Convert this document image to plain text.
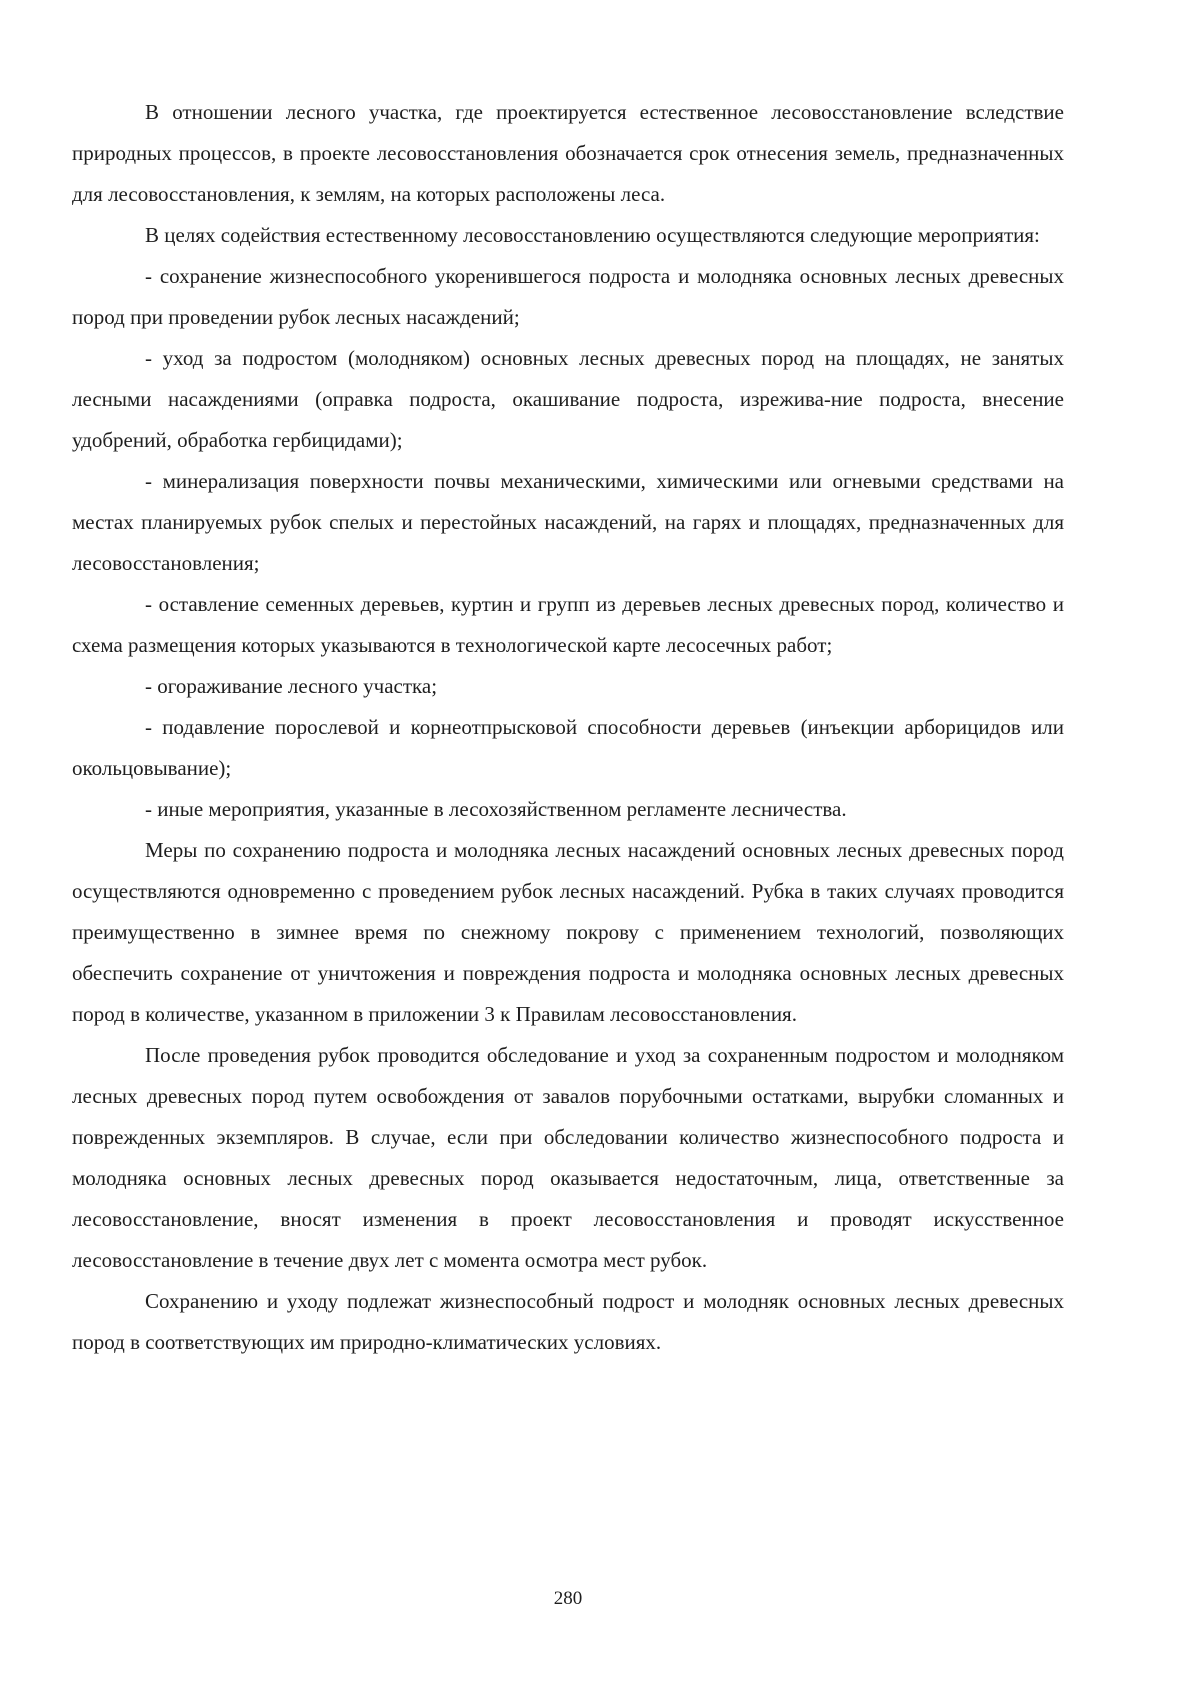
В отношении лесного участка, где проектируется естественное лесовосстановление вследствие природных процессов, в проекте лесовосстановления обозначается срок отнесения земель, предназначенных для лесовосстановления, к землям, на которых расположены леса.

В целях содействия естественному лесовосстановлению осуществляются следующие мероприятия:

- сохранение жизнеспособного укоренившегося подроста и молодняка основных лесных древесных пород при проведении рубок лесных насаждений;

- уход за подростом (молодняком) основных лесных древесных пород на площадях, не занятых лесными насаждениями (оправка подроста, окашивание подроста, изрежива-ние подроста, внесение удобрений, обработка гербицидами);

- минерализация поверхности почвы механическими, химическими или огневыми средствами на местах планируемых рубок спелых и перестойных насаждений, на гарях и площадях, предназначенных для лесовосстановления;

- оставление семенных деревьев, куртин и групп из деревьев лесных древесных пород, количество и схема размещения которых указываются в технологической карте лесосечных работ;

- огораживание лесного участка;

- подавление порослевой и корнеотпрысковой способности деревьев (инъекции арборицидов или окольцовывание);

- иные мероприятия, указанные в лесохозяйственном регламенте лесничества.

Меры по сохранению подроста и молодняка лесных насаждений основных лесных древесных пород осуществляются одновременно с проведением рубок лесных насаждений. Рубка в таких случаях проводится преимущественно в зимнее время по снежному покрову с применением технологий, позволяющих обеспечить сохранение от уничтожения и повреждения подроста и молодняка основных лесных древесных пород в количестве, указанном в приложении 3 к Правилам лесовосстановления.

После проведения рубок проводится обследование и уход за сохраненным подростом и молодняком лесных древесных пород путем освобождения от завалов порубочными остатками, вырубки сломанных и поврежденных экземпляров. В случае, если при обследовании количество жизнеспособного подроста и молодняка основных лесных древесных пород оказывается недостаточным, лица, ответственные за лесовосстановление, вносят изменения в проект лесовосстановления и проводят искусственное лесовосстановление в течение двух лет с момента осмотра мест рубок.

Сохранению и уходу подлежат жизнеспособный подрост и молодняк основных лесных древесных пород в соответствующих им природно-климатических условиях.

280
